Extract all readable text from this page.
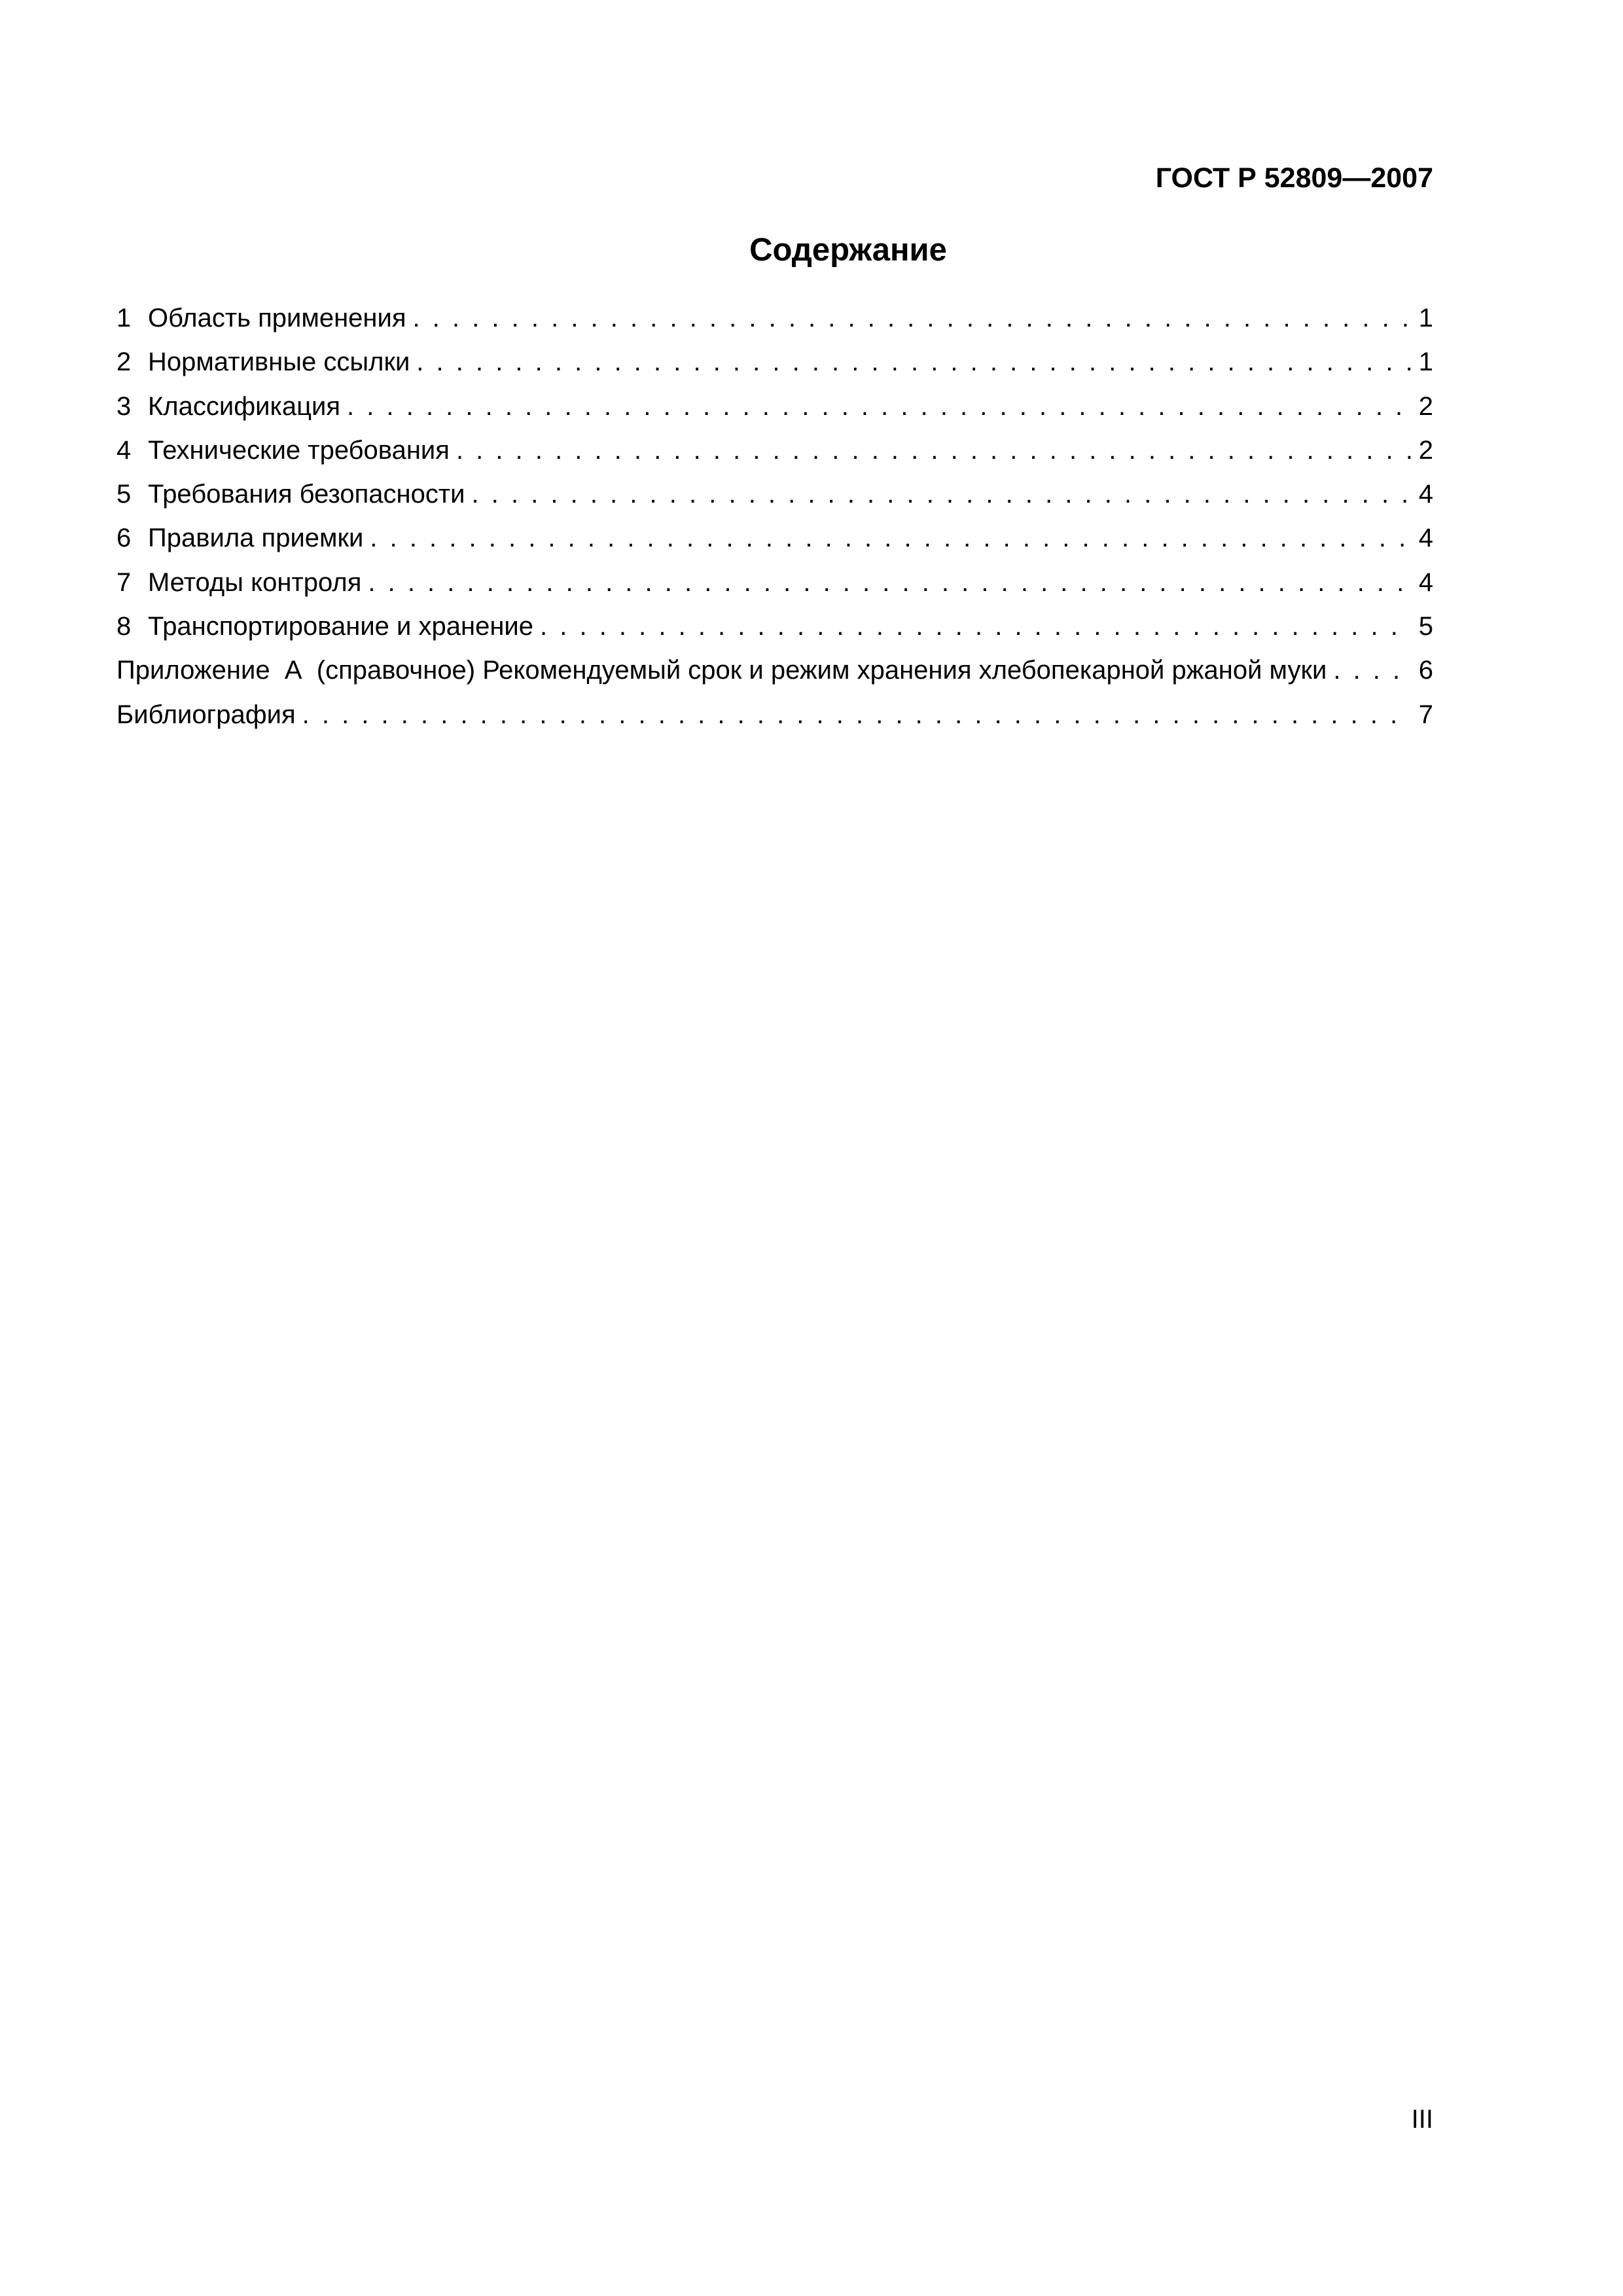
ГОСТ Р 52809—2007
Содержание
1 Область применения . . .	1
2 Нормативные ссылки . . .	1
3 Классификация . . .	2
4 Технические требования . . .	2
5 Требования безопасности . . .	4
6 Правила приемки . . .	4
7 Методы контроля . . .	4
8 Транспортирование и хранение . . .	5
Приложение  А  (справочное) Рекомендуемый срок и режим хранения хлебопекарной ржаной муки . . .	6
Библиография . . .	7
III
